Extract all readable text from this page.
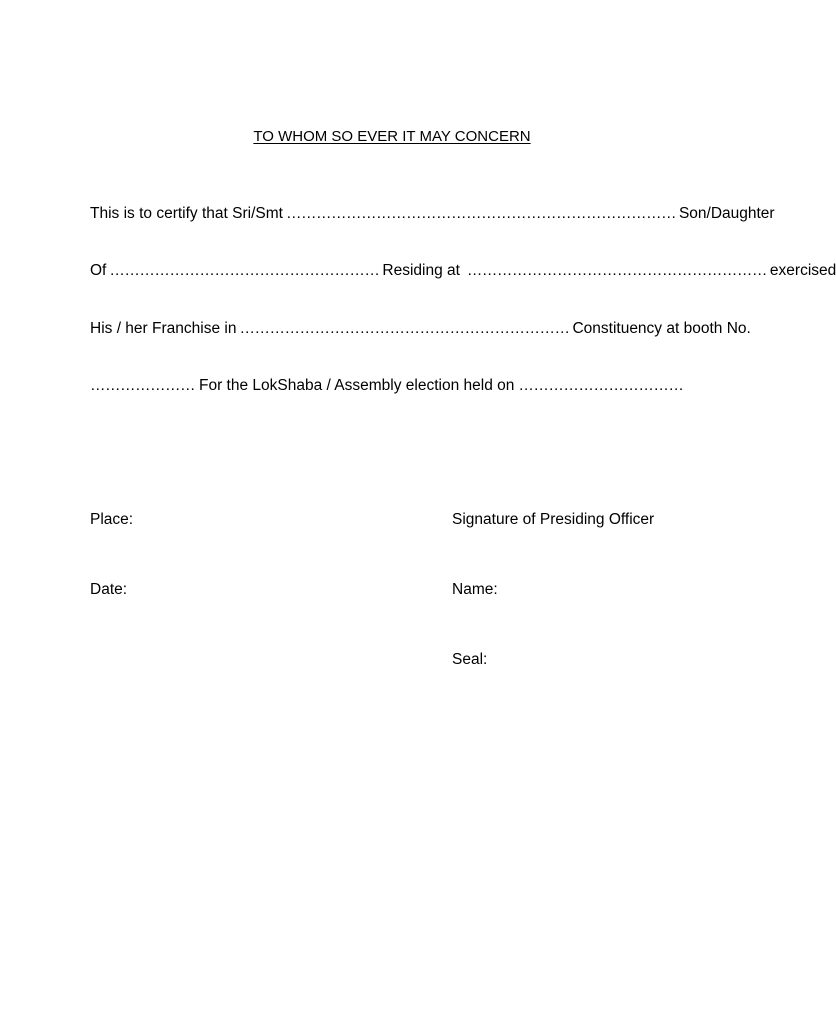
TO WHOM SO EVER IT MAY CONCERN
This is to certify that Sri/Smt …………………………………………………………………… Son/Daughter
Of ……………………………………………… Residing at …………………………………………………… exercised
His / her Franchise in ………………………………………………………… Constituency at booth No.
………………… For the LokShaba / Assembly election held on ……………………………
Place:
Date:
Signature of Presiding Officer
Name:
Seal:
